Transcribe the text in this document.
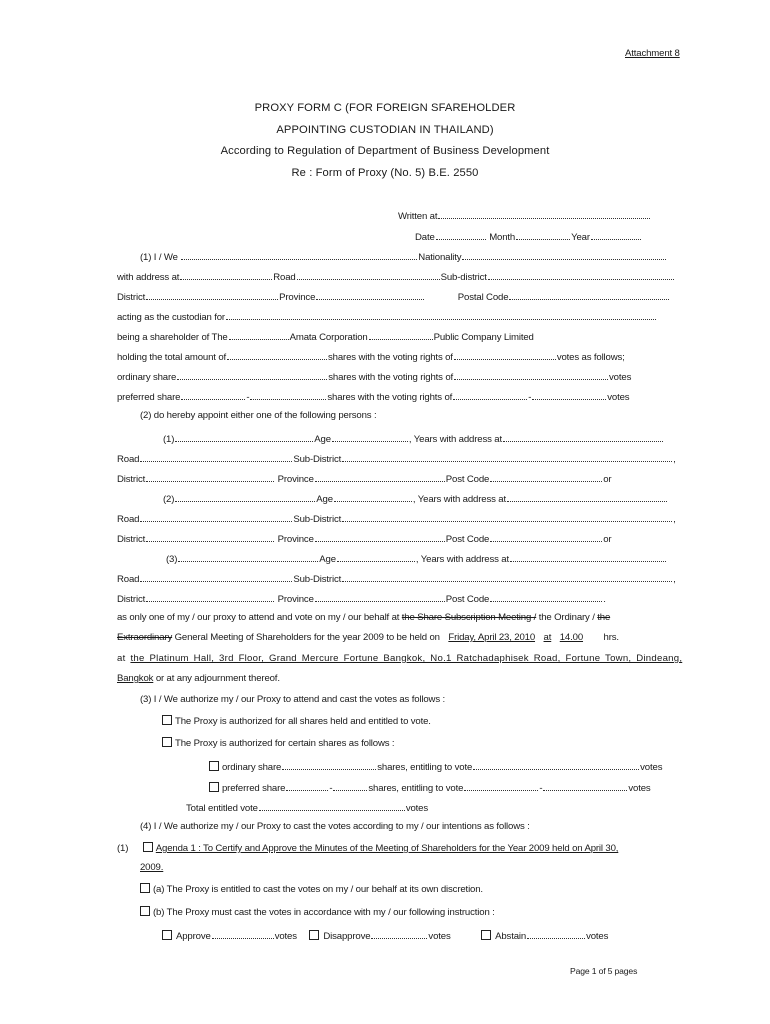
Attachment 8
PROXY FORM C (FOR FOREIGN SFAREHOLDER
APPOINTING CUSTODIAN IN THAILAND)
According to Regulation of Department of Business Development
Re : Form of Proxy (No. 5) B.E. 2550
Written at
Date	Month	Year
(1) I / We	Nationality
with address at	Road	Sub-district
District	Province	Postal Code
acting as the custodian for
being a shareholder of The	Amata Corporation	Public Company Limited
holding the total amount of	shares with the voting rights of	votes as follows;
ordinary share	shares with the voting rights of	votes
preferred share	-	shares with the voting rights of	-	votes
(2) do hereby appoint either one of the following persons :
(1)	Age	, Years with address at
Road	Sub-District	,
District	Province	Post Code	or
(2)	Age	, Years with address at
Road	Sub-District	,
District	Province	Post Code	or
(3)	Age	, Years with address at
Road	Sub-District	,
District	Province	Post Code	.
as only one of my / our proxy to attend and vote on my / our behalf at the Share Subscription Meeting / the Ordinary / the
Extraordinary General Meeting of Shareholders for the year 2009 to be held on Friday, April 23, 2010 at 14.00 hrs.
at the Platinum Hall, 3rd Floor, Grand Mercure Fortune Bangkok, No.1 Ratchadaphisek Road, Fortune Town, Dindeang,
Bangkok or at any adjournment thereof.
(3) I / We authorize my / our Proxy to attend and cast the votes as follows :
The Proxy is authorized for all shares held and entitled to vote.
The Proxy is authorized for certain shares as follows :
ordinary share	shares, entitling to vote	votes
preferred share	-	shares, entitling to vote	-	votes
Total entitled vote	votes
(4) I / We authorize my / our Proxy to cast the votes according to my / our intentions as follows :
(1)	Agenda 1 : To Certify and Approve the Minutes of the Meeting of Shareholders for the Year 2009 held on April 30,
2009.
(a) The Proxy is entitled to cast the votes on my / our behalf at its own discretion.
(b) The Proxy must cast the votes in accordance with my / our following instruction :
Approve	votes	Disapprove	votes	Abstain	votes
Page 1 of 5 pages
